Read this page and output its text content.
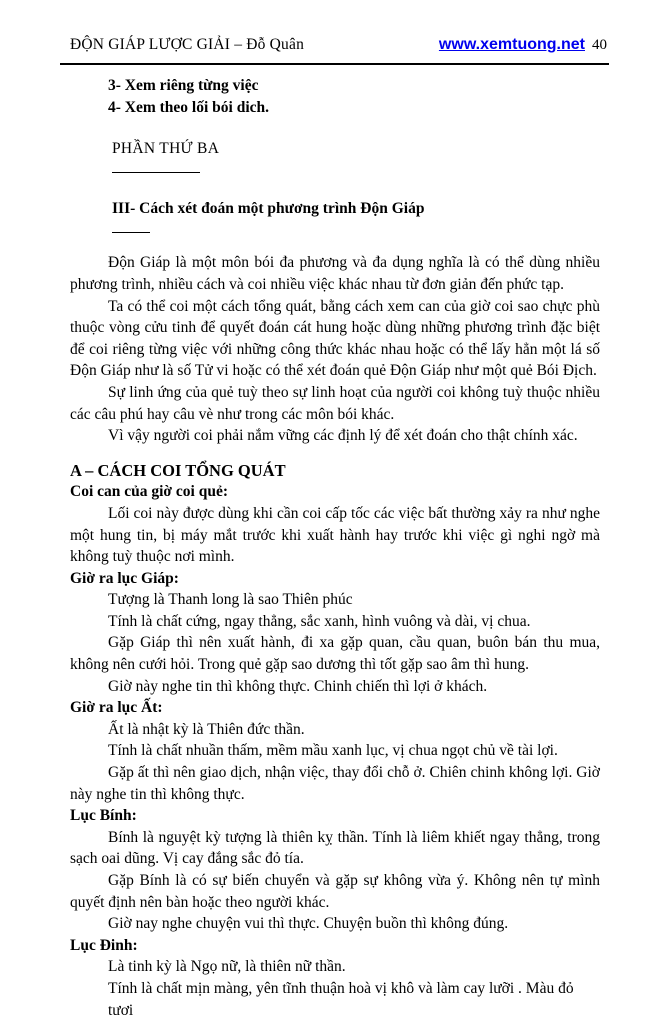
ĐỘN GIÁP LƯỢC GIẢI – Đỗ Quân	www.xemtuong.net 40

3- Xem riêng từng việc

4- Xem theo lối bói dich.

PHẦN THỨ BA

III- Cách xét đoán một phương trình Độn Giáp

Độn Giáp là một môn bói đa phương và đa dụng nghĩa là có thể dùng nhiều phương trình, nhiều cách và coi nhiều việc khác nhau từ đơn giản đến phức tạp.

Ta có thể coi một cách tổng quát, bằng cách xem can của giờ coi sao chực phù thuộc vòng cửu tinh để quyết đoán cát hung hoặc dùng những phương trình đặc biệt để coi riêng từng việc với những công thức khác nhau hoặc có thể lấy hẳn một lá số Độn Giáp như là số Tử vi hoặc có thể xét đoán quẻ Độn Giáp như một quẻ Bói Địch.

Sự linh ứng của quẻ tuỳ theo sự linh hoạt của người coi không tuỳ thuộc nhiều các câu phú hay câu vè như trong các môn bói khác.

Vì vậy người coi phải nắm vững các định lý để xét đoán cho thật chính xác.

A – CÁCH COI TỔNG QUÁT

Coi can của giờ coi quẻ:

Lối coi này được dùng khi cần coi cấp tốc các việc bất thường xảy ra như nghe một hung tin, bị máy mắt trước khi xuất hành hay trước khi việc gì nghi ngờ mà không tuỳ thuộc nơi mình.

Giờ ra lục Giáp:

Tượng là Thanh long là sao Thiên phúc

Tính là chất cứng, ngay thẳng, sắc xanh, hình vuông và dài, vị chua.

Gặp Giáp thì nên xuất hành, đi xa gặp quan, cầu quan, buôn bán thu mua, không nên cưới hỏi. Trong quẻ gặp sao dương thì tốt gặp sao âm thì hung.

Giờ này nghe tin thì không thực. Chinh chiến thì lợi ở khách.

Giờ ra lục Ất:

Ất là nhật kỳ là Thiên đức thần.

Tính là chất nhuần thấm, mềm mầu xanh lục, vị chua ngọt chủ về tài lợi.

Gặp ất thì nên giao dịch, nhận việc, thay đổi chỗ ở. Chiên chinh không lợi. Giờ này nghe tin thì không thực.

Lục Bính:

Bính là nguyệt kỳ tượng là thiên kỵ thần. Tính là liêm khiết ngay thẳng, trong sạch oai dũng. Vị cay đắng sắc đỏ tía.

Gặp Bính là có sự biến chuyển và gặp sự không vừa ý. Không nên tự mình quyết định nên bàn hoặc theo người khác.

Giờ nay nghe chuyện vui thì thực. Chuyện buồn thì không đúng.

Lục Đinh:

Là tinh kỳ là Ngọ nữ, là thiên nữ thần.

Tính là chất mịn màng, yên tĩnh thuận hoà vị khô và làm cay lưỡi . Màu đỏ tươi
